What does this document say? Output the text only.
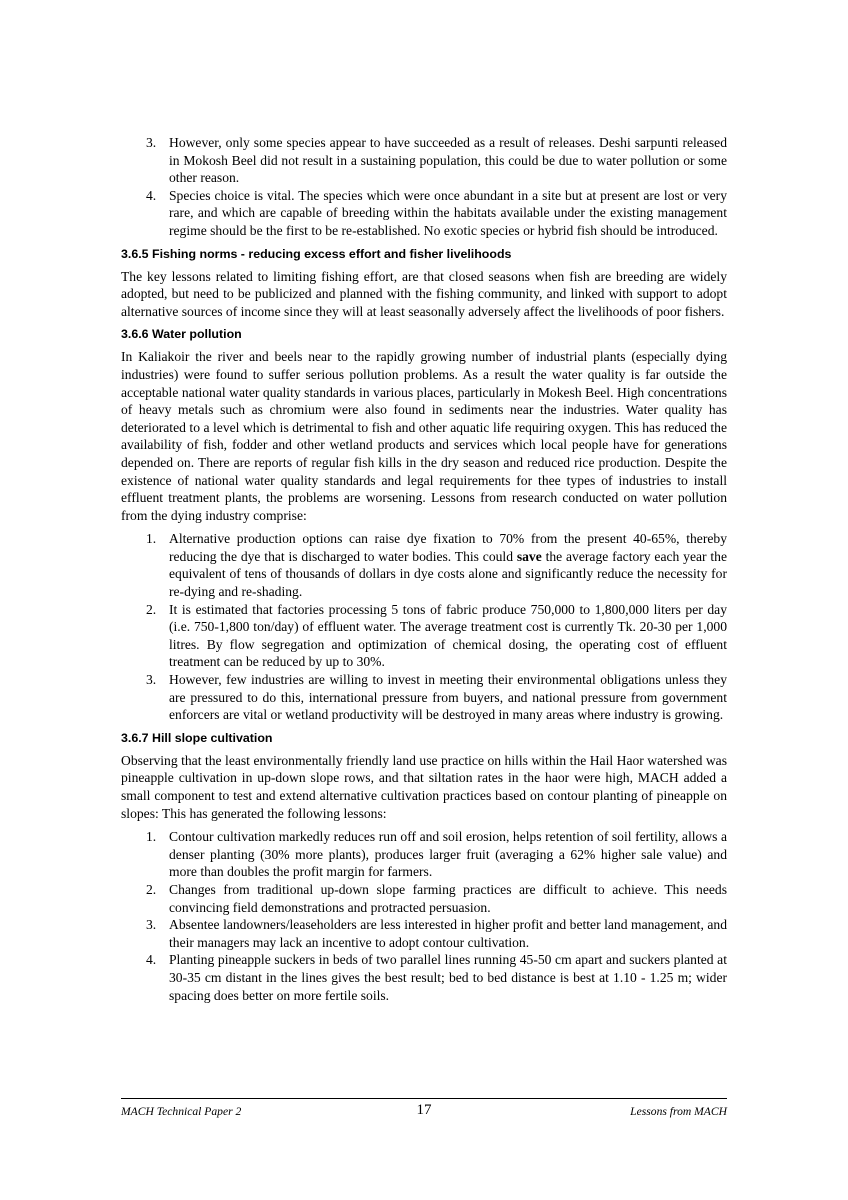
3. However, only some species appear to have succeeded as a result of releases. Deshi sarpunti released in Mokosh Beel did not result in a sustaining population, this could be due to water pollution or some other reason.
4. Species choice is vital. The species which were once abundant in a site but at present are lost or very rare, and which are capable of breeding within the habitats available under the existing management regime should be the first to be re-established. No exotic species or hybrid fish should be introduced.
3.6.5 Fishing norms - reducing excess effort and fisher livelihoods

The key lessons related to limiting fishing effort, are that closed seasons when fish are breeding are widely adopted, but need to be publicized and planned with the fishing community, and linked with support to adopt alternative sources of income since they will at least seasonally adversely affect the livelihoods of poor fishers.

3.6.6 Water pollution

In Kaliakoir the river and beels near to the rapidly growing number of industrial plants (especially dying industries) were found to suffer serious pollution problems. As a result the water quality is far outside the acceptable national water quality standards in various places, particularly in Mokesh Beel. High concentrations of heavy metals such as chromium were also found in sediments near the industries. Water quality has deteriorated to a level which is detrimental to fish and other aquatic life requiring oxygen. This has reduced the availability of fish, fodder and other wetland products and services which local people have for generations depended on. There are reports of regular fish kills in the dry season and reduced rice production. Despite the existence of national water quality standards and legal requirements for thee types of industries to install effluent treatment plants, the problems are worsening. Lessons from research conducted on water pollution from the dying industry comprise:

1. Alternative production options can raise dye fixation to 70% from the present 40-65%, thereby reducing the dye that is discharged to water bodies. This could save the average factory each year the equivalent of tens of thousands of dollars in dye costs alone and significantly reduce the necessity for re-dying and re-shading.
2. It is estimated that factories processing 5 tons of fabric produce 750,000 to 1,800,000 liters per day (i.e. 750-1,800 ton/day) of effluent water. The average treatment cost is currently Tk. 20-30 per 1,000 litres. By flow segregation and optimization of chemical dosing, the operating cost of effluent treatment can be reduced by up to 30%.
3. However, few industries are willing to invest in meeting their environmental obligations unless they are pressured to do this, international pressure from buyers, and national pressure from government enforcers are vital or wetland productivity will be destroyed in many areas where industry is growing.
3.6.7 Hill slope cultivation

Observing that the least environmentally friendly land use practice on hills within the Hail Haor watershed was pineapple cultivation in up-down slope rows, and that siltation rates in the haor were high, MACH added a small component to test and extend alternative cultivation practices based on contour planting of pineapple on slopes: This has generated the following lessons:

1. Contour cultivation markedly reduces run off and soil erosion, helps retention of soil fertility, allows a denser planting (30% more plants), produces larger fruit (averaging a 62% higher sale value) and more than doubles the profit margin for farmers.
2. Changes from traditional up-down slope farming practices are difficult to achieve. This needs convincing field demonstrations and protracted persuasion.
3. Absentee landowners/leaseholders are less interested in higher profit and better land management, and their managers may lack an incentive to adopt contour cultivation.
4. Planting pineapple suckers in beds of two parallel lines running 45-50 cm apart and suckers planted at 30-35 cm distant in the lines gives the best result; bed to bed distance is best at 1.10 - 1.25 m; wider spacing does better on more fertile soils.
MACH Technical Paper 2	17	Lessons from MACH
